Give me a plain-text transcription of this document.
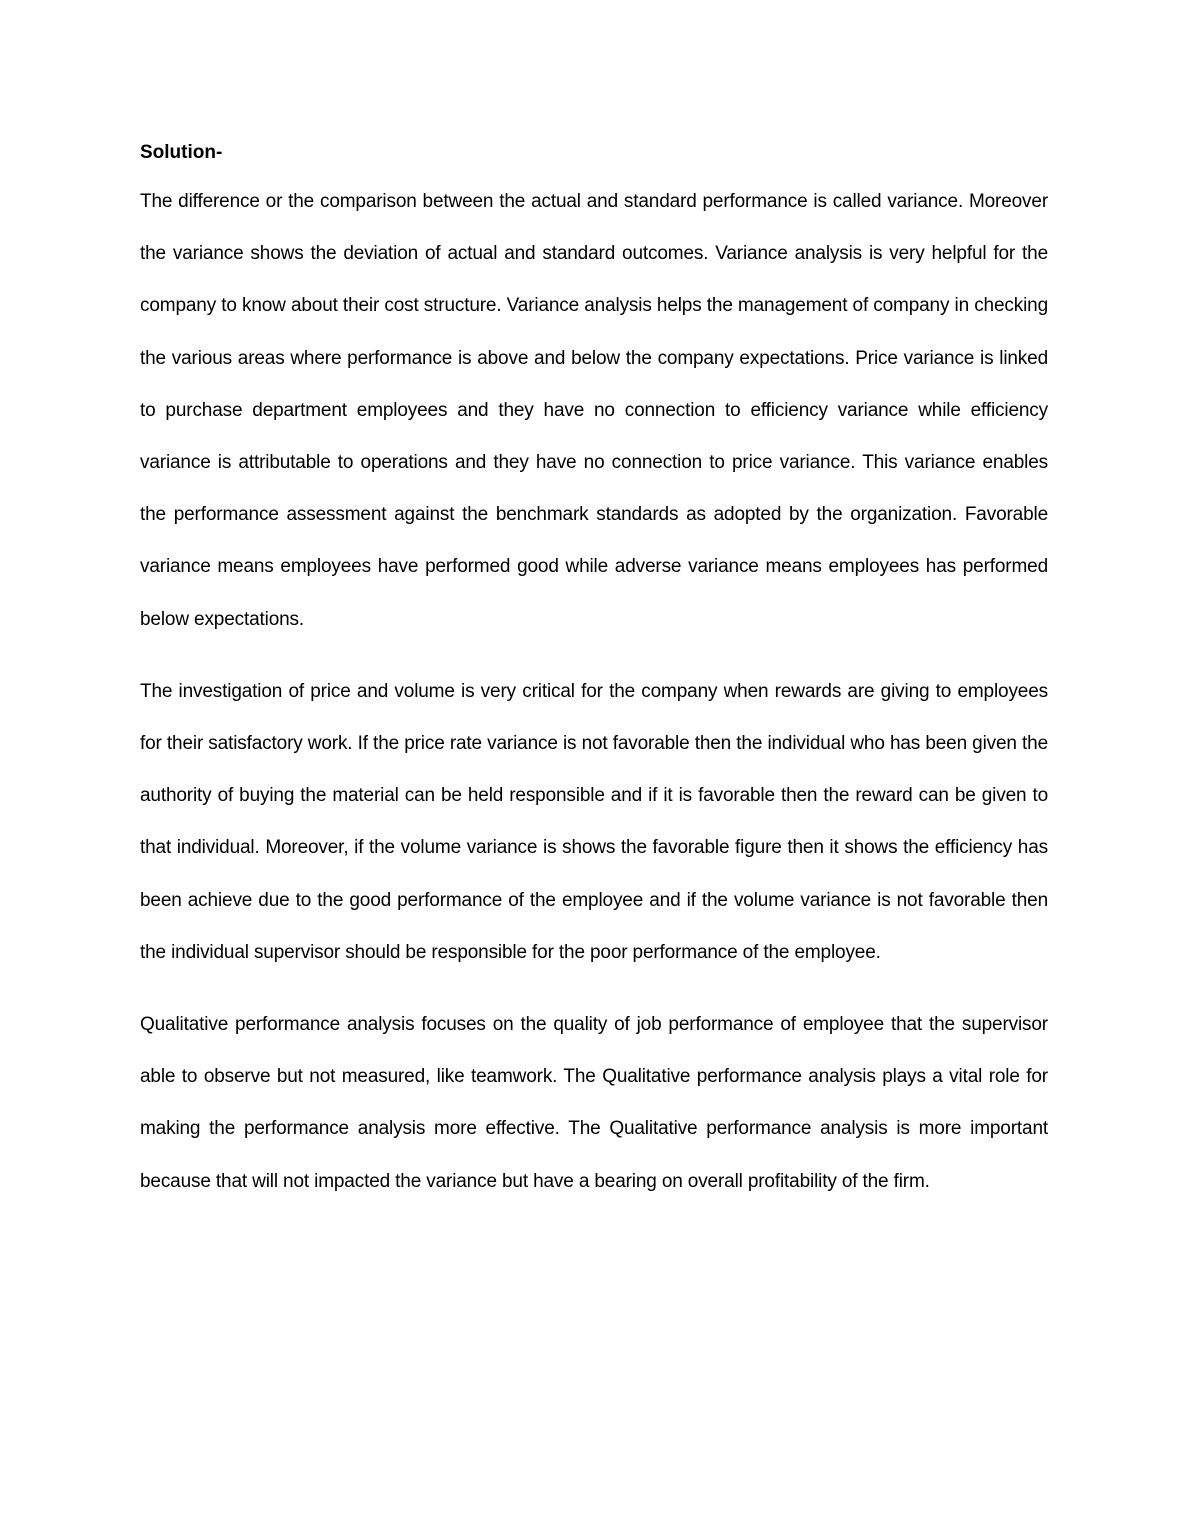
Solution-

The difference or the comparison between the actual and standard performance is called variance. Moreover the variance shows the deviation of actual and standard outcomes. Variance analysis is very helpful for the company to know about their cost structure. Variance analysis helps the management of company in checking the various areas where performance is above and below the company expectations. Price variance is linked to purchase department employees and they have no connection to efficiency variance while efficiency variance is attributable to operations and they have no connection to price variance. This variance enables the performance assessment against the benchmark standards as adopted by the organization. Favorable variance means employees have performed good while adverse variance means employees has performed below expectations.

The investigation of price and volume is very critical for the company when rewards are giving to employees for their satisfactory work. If the price rate variance is not favorable then the individual who has been given the authority of buying the material can be held responsible and if it is favorable then the reward can be given to that individual. Moreover, if the volume variance is shows the favorable figure then it shows the efficiency has been achieve due to the good performance of the employee and if the volume variance is not favorable then the individual supervisor should be responsible for the poor performance of the employee.

Qualitative performance analysis focuses on the quality of job performance of employee that the supervisor able to observe but not measured, like teamwork. The Qualitative performance analysis plays a vital role for making the performance analysis more effective. The Qualitative performance analysis is more important because that will not impacted the variance but have a bearing on overall profitability of the firm.
